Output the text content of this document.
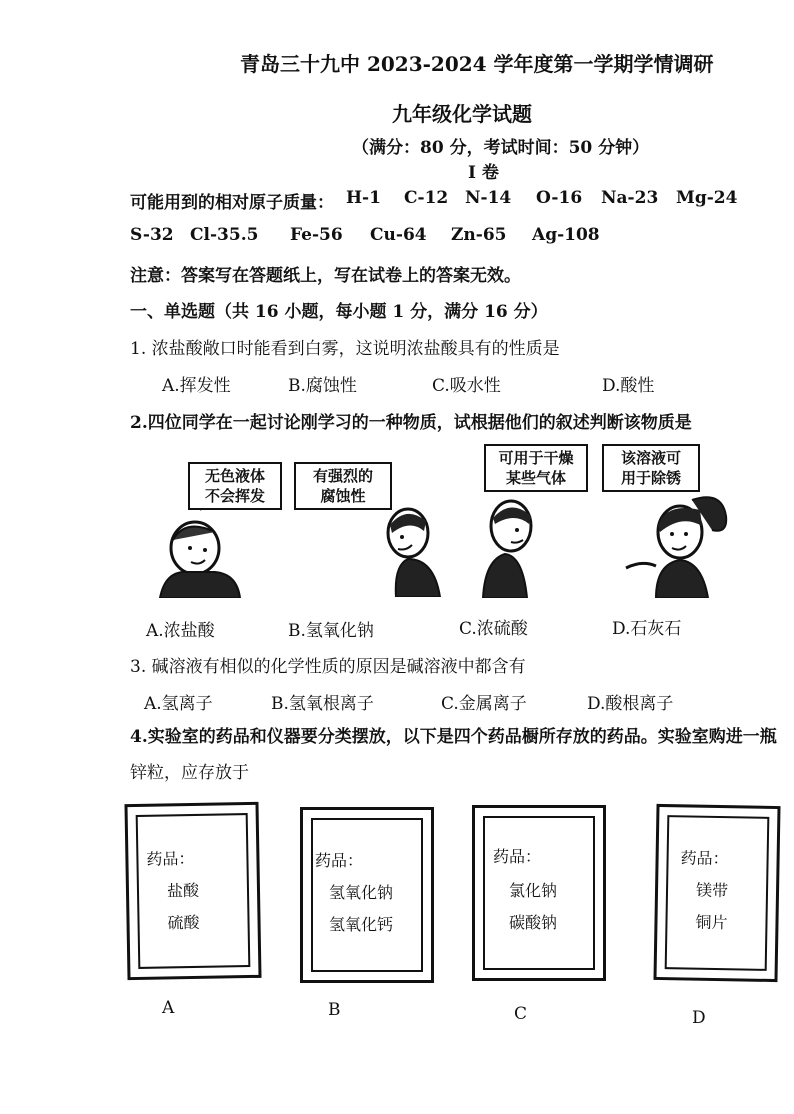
青岛三十九中 2023-2024 学年度第一学期学情调研
九年级化学试题
（满分：80 分，考试时间：50 分钟）
I 卷
可能用到的相对原子质量： H-1 C-12 N-14 O-16 Na-23 Mg-24
S-32 Cl-35.5 Fe-56 Cu-64 Zn-65 Ag-108
注意：答案写在答题纸上，写在试卷上的答案无效。
一、单选题（共 16 小题，每小题 1 分，满分 16 分）
1. 浓盐酸敞口时能看到白雾，这说明浓盐酸具有的性质是
A.挥发性	B.腐蚀性	C.吸水性	D.酸性
2.四位同学在一起讨论刚学习的一种物质，试根据他们的叙述判断该物质是
无色液体
不会挥发
有强烈的
腐蚀性
可用于干燥
某些气体
该溶液可
用于除锈
A.浓盐酸	B.氢氧化钠	C.浓硫酸	D.石灰石
3. 碱溶液有相似的化学性质的原因是碱溶液中都含有
A.氢离子	B.氢氧根离子	C.金属离子	D.酸根离子
4.实验室的药品和仪器要分类摆放，以下是四个药品橱所存放的药品。实验室购进一瓶
锌粒，应存放于
药品：
盐酸
硫酸
药品：
氢氧化钠
氢氧化钙
药品：
氯化钠
碳酸钠
药品：
镁带
铜片
A	B	C	D
